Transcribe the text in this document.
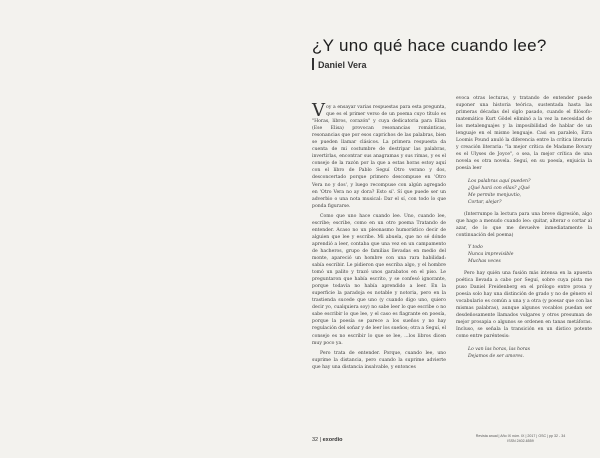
¿Y uno qué hace cuando lee?
Daniel Vera

Voy a ensayar varias respuestas para esta pregunta, que es el primer verso de un poema cuyo título es "Horas, libros, corazón" y cuya dedicatoria para Elisa (Ese Elisa) provocan resonancias románticas, resonancias que por esos caprichos de las palabras, bien se pueden llamar clásicos. La primera respuesta da cuenta de mi costumbre de destripar las palabras, invertirlas, encontrar sus anagramas y sus rimas, y es el consejo de la razón por la que a estas horas estoy aquí con el libro de Pablo Seguí Otro verano y dos, desconcertado porque primero descompuse en 'Otro Vera no y dos', y luego recompuse con algún agregado en 'Otro Vera no ay dora? Esto sí'. Sí que puede ser un adverbio o una nota musical: Dar el sí, con todo lo que ponda figurarse.

Como que uno hace cuando lee. Uno, cuando lee, escribe; escribe, como en un otro poema Tratando de entender. Acaso no un pleonasmo humorístico decir de alguien que lee y escribe. Mi abuela, que no sé dónde aprendió a leer, contaba que una vez en un campamento de hacheros, grupo de familias llevadas en medio del monte, apareció un hombre con una rara habilidad: sabía escribir. Le pidieron que escriba algo, y el hombre tomó un palito y trazó unos garabatos en el piso. Le preguntaron que había escrito, y se confesó ignorante, porque todavía no había aprendido a leer. En la superficie la paradoja es notable y notoria, pero en la trastienda sucede que uno (y cuando digo uno, quiero decir yo, cualquiera soy) no sabe leer lo que escribe o no sabe escribir lo que lee, y el caso es flagrante en poesía, porque la poesía se parece a los sueños y no hay regulación del soñar y de leer los sueños; otra a Seguí, el consejo es no escribir lo que se lee, ...los libros dicen muy poco ya.

Pero trata de entender. Porque, cuando lee, uno suprime la distancia, pero cuando la suprime advierte que hay una distancia insalvable, y entonces

evoca otras lecturas, y tratando de entender puede suponer una historia teórica, sustentada hasta las primeras décadas del siglo pasado, cuando el filósofo-matemático Kurt Gödel eliminó a la vez la necesidad de los metalenguajes y la imposibilidad de hablar de un lenguaje en el mismo lenguaje. Casi en paralelo, Ezra Loomis Pound anuló la diferencia entre la crítica literaria y creación literaria: "la mejor crítica de Madame Bovary es el Ulyses de Joyce", o sea, la mejor crítica de una novela es otra novela. Seguí, en su poesía, enjuicia la poesía leer

Los palabras aquí pueden?
¿Qué hará con ellas? ¿Qué
Me permite menjuvtio,
Cortar, alejar?

(Interrumpo la lectura para una breve digresión, algo que hago a menudo cuando leo: quitar, alterar o cortar al azar, de lo que me devuelve inmediatamente la continuación del poema)

Y todo
Nunca imprevisible
Muchas veces

Pero hay quién una fusión más intensa en la apuesta poética llevada a cabo por Seguí, sobre cuya pista me puso Daniel Freidenberg en el prólogo entre prosa y poesía solo hay una distinción de grado y no de género el vocabulario es común a una y a otra (y poesar que con las mismas palabras), aunque algunos vocablos puedan ser desdeñosamente llamados vulgares y otros presuman de mejor prosapia o algunos se ordenen en tanas metáforas. Incluso, se señala la transición en un distico potente como entre paréntesis:

Lo van las horas, las horas
Dejamos de ser amores.
32 | exordio
Revista anual | Año IX núm. IX | 2017 | OSC | pp 32 - 34
ISSN 2402-6559
